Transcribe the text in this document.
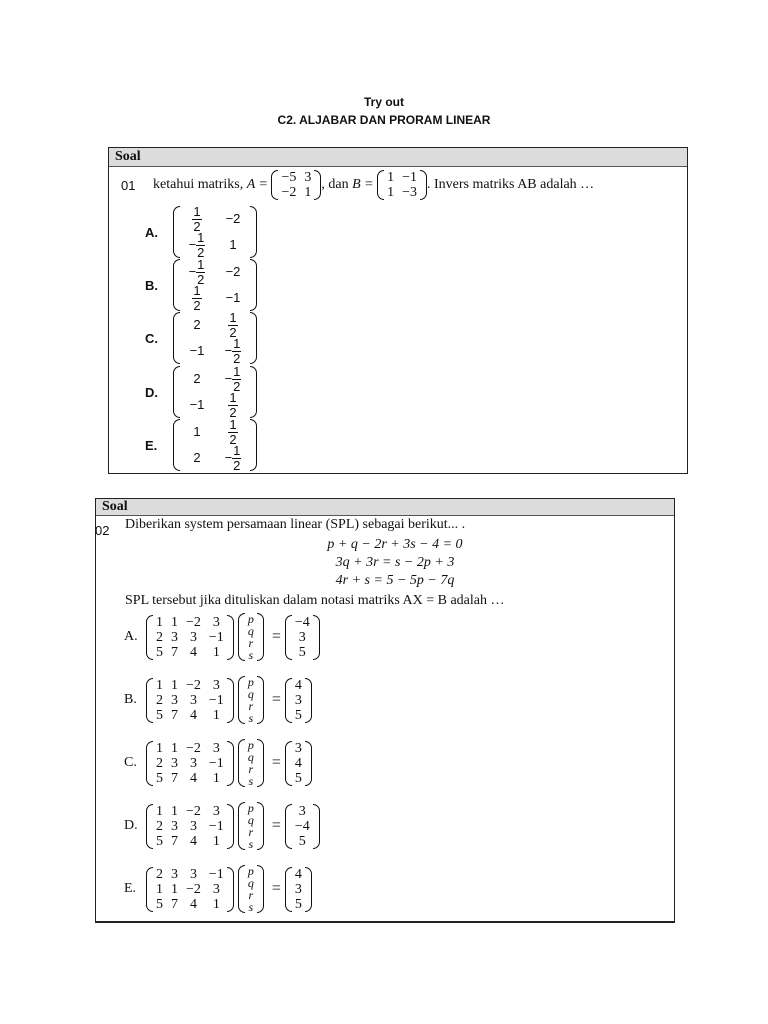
Try out
C2. ALJABAR DAN PRORAM LINEAR
Soal
01 ketahui matriks,
A =
−5 3
−2 1
, dan
B =
1 −1
1 −3
. Invers matriks AB adalah …
A.	$\frac{1}{2} -2$
− $\frac{1}{2} 1$
B.
− $\frac{1}{2} -2$
$\frac{1}{2} -1$
C.
$2 \frac{1}{2}$
$-1 - \frac{1}{2}$
D.
$2 - \frac{1}{2}$
$-1 \frac{1}{2}$
E.
$1 \frac{1}{2}$
$2 - \frac{1}{2}$
Soal
02 Diberikan system persamaan linear (SPL) sebagai berikut... .
SPL tersebut jika dituliskan dalam notasi matriks AX = B adalah …
p + q − 2r + 3s − 4 = 0
3q + 3r = s − 2p + 3
4r + s = 5 − 5p − 7q
A.
1 1 −2 3
2 3 3 −1
5 7 4 1
p
q
r
s
=
−4
3
5
B.
1 1 −2 3
2 3 3 −1
5 7 4 1
p
q
r
s
=
4
3
5
C.
1 1 −2 3
2 3 3 −1
5 7 4 1
p
q
r
s
=
3
4
5
D.
1 1 −2 3
2 3 3 −1
5 7 4 1
p
q
r
s
=
3
−4
5
E.
2 3 3 −1
1 1 −2 3
5 7 4 1
p
q
r
s
=
4
3
5
